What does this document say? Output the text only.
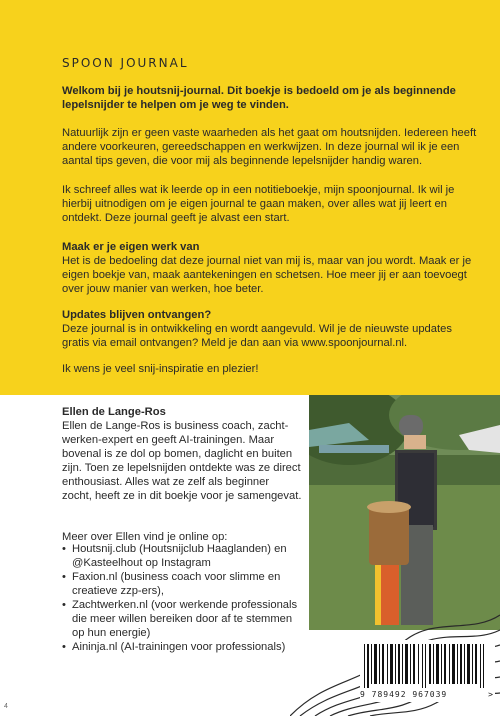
SPOON JOURNAL

Welkom bij je houtsnij-journal. Dit boekje is bedoeld om je als beginnende lepelsnijder te helpen om je weg te vinden.

Natuurlijk zijn er geen vaste waarheden als het gaat om houtsnijden. Iedereen heeft andere voorkeuren, gereedschappen en werkwijzen. In deze journal wil ik je een aantal tips geven, die voor mij als beginnende lepelsnijder handig waren.

Ik schreef alles wat ik leerde op in een notitieboekje, mijn spoonjournal. Ik wil je hierbij uitnodigen om je eigen journal te gaan maken, over alles wat jij leert en ontdekt. Deze journal geeft je alvast een start.

Maak er je eigen werk van

Het is de bedoeling dat deze journal niet van mij is, maar van jou wordt. Maak er je eigen boekje van, maak aantekeningen en schetsen. Hoe meer jij er aan toevoegt over jouw manier van werken, hoe beter.

Updates blijven ontvangen?

Deze journal is in ontwikkeling en wordt aangevuld. Wil je de nieuwste updates gratis via email ontvangen? Meld je dan aan via www.spoonjournal.nl.

Ik wens je veel snij-inspiratie en plezier!

Ellen de Lange-Ros

Ellen de Lange-Ros is business coach, zacht-werken-expert en geeft AI-trainingen. Maar bovenal is ze dol op bomen, daglicht en buiten zijn. Toen ze lepelsnijden ontdekte was ze direct enthousiast. Alles wat ze zelf als beginner zocht, heeft ze in dit boekje voor je samengevat.

Meer over Ellen vind je online op:

• Houtsnij.club (Houtsnijclub Haaglanden) en @Kasteelhout op Instagram
• Faxion.nl (business coach voor slimme en creatieve zzp-ers),
• Zachtwerken.nl (voor werkende professionals die meer willen bereiken door af te stemmen op hun energie)
• Aininja.nl (AI-trainingen voor professionals)
9 789492 967039	>
4
